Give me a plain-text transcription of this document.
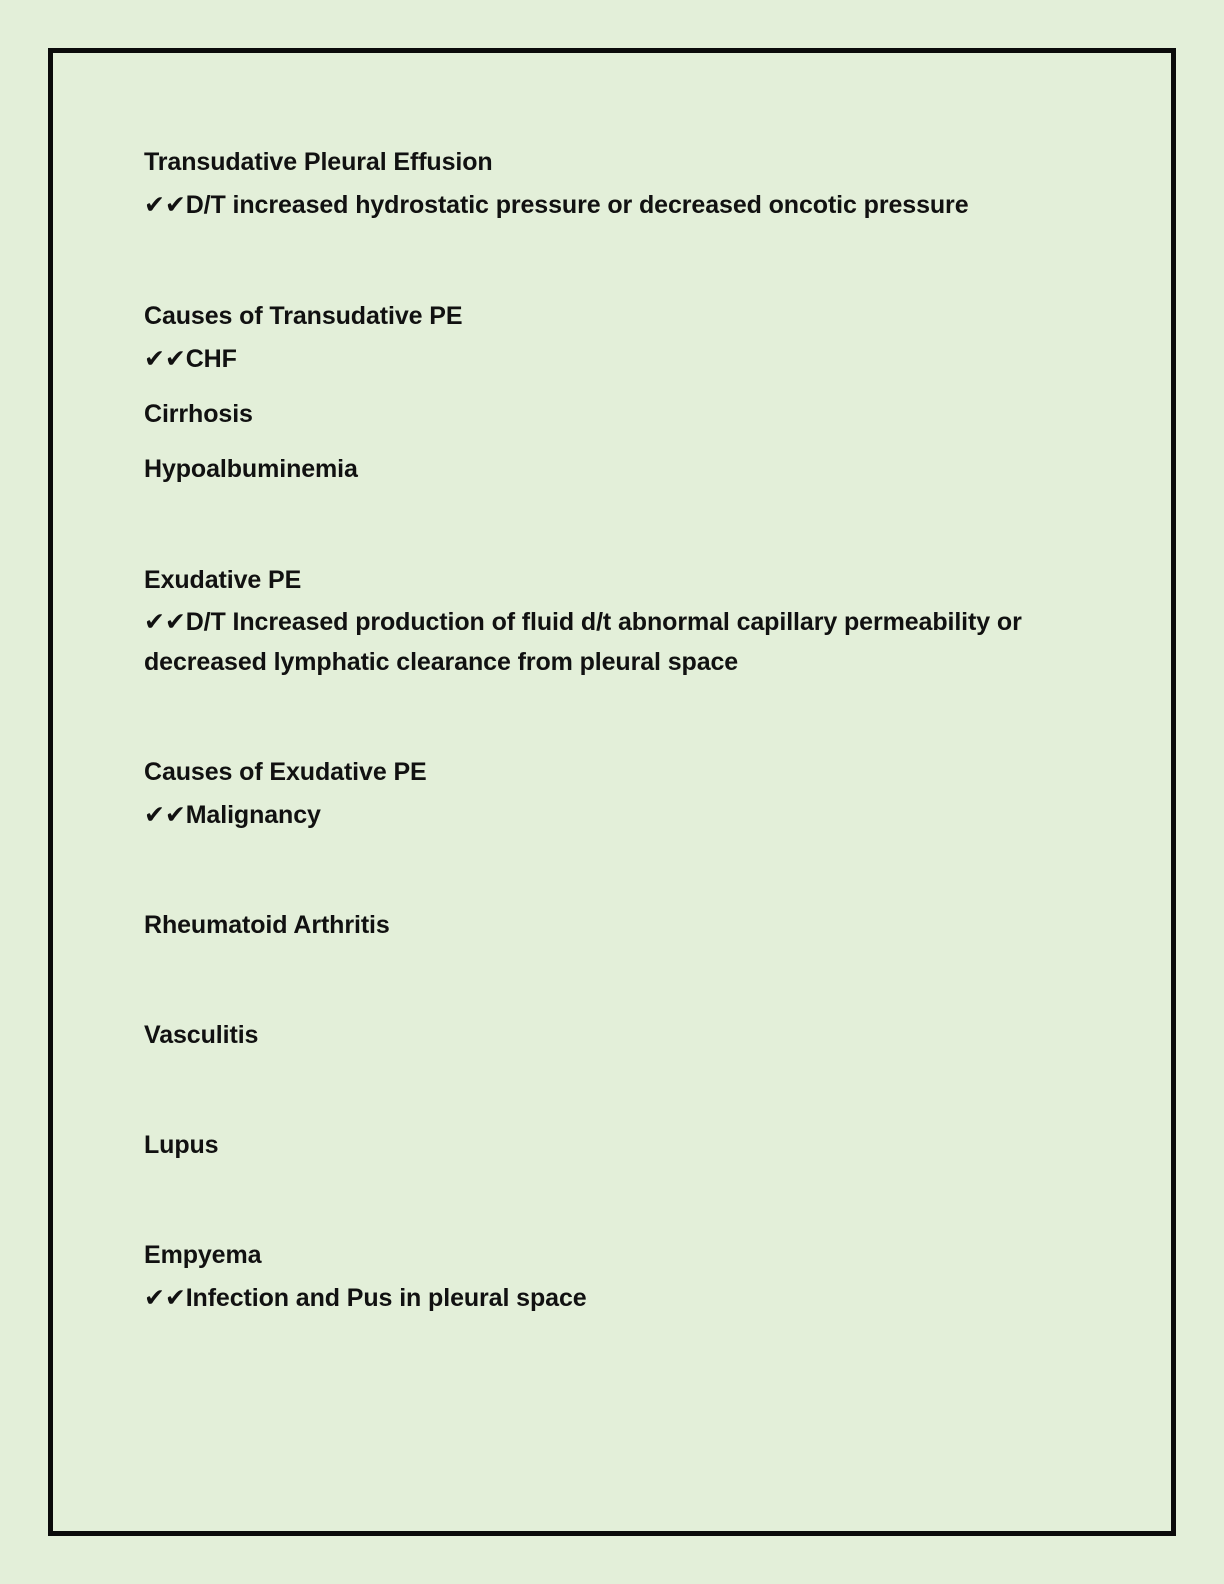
Transudative Pleural Effusion
✔✔D/T increased hydrostatic pressure or decreased oncotic pressure
Causes of Transudative PE
✔✔CHF
Cirrhosis
Hypoalbuminemia
Exudative PE
✔✔D/T Increased production of fluid d/t abnormal capillary permeability or decreased lymphatic clearance from pleural space
Causes of Exudative PE
✔✔Malignancy
Rheumatoid Arthritis
Vasculitis
Lupus
Empyema
✔✔Infection and Pus in pleural space
